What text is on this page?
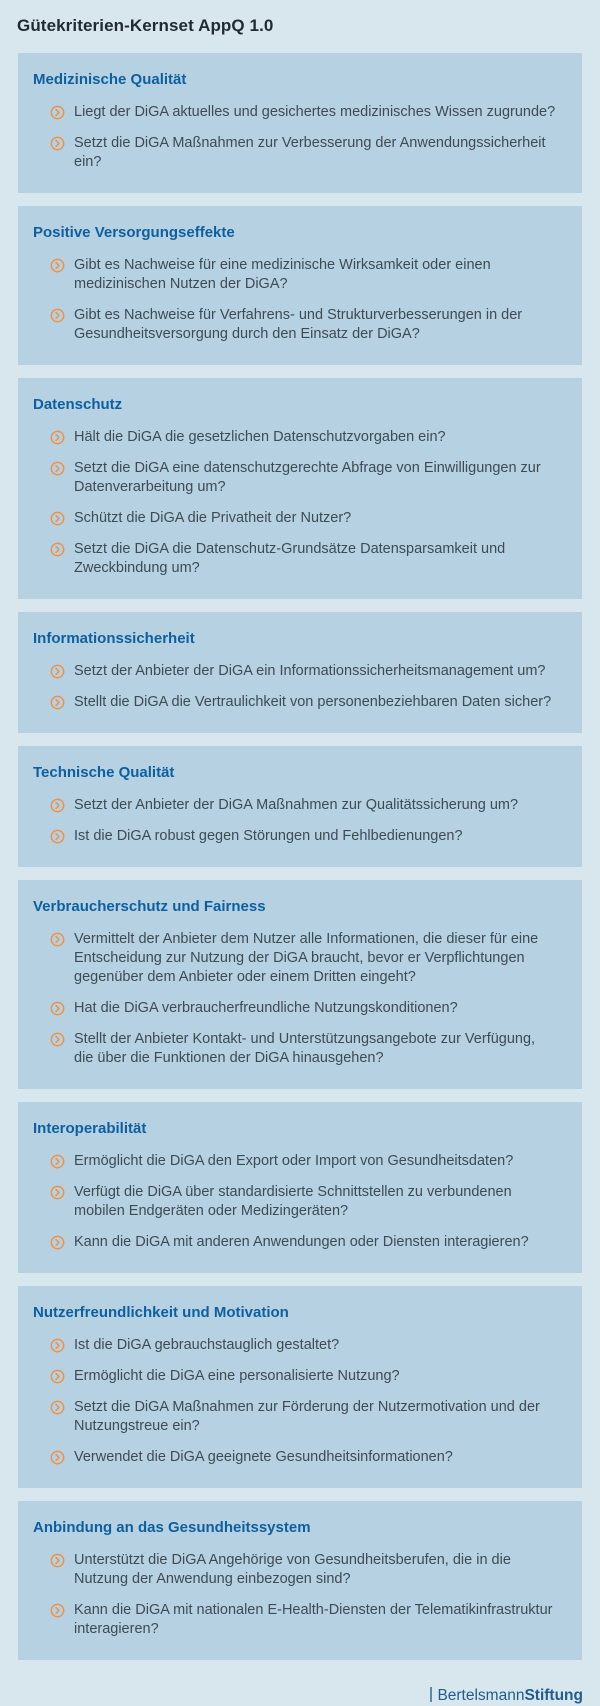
Gütekriterien-Kernset AppQ 1.0
Medizinische Qualität

Liegt der DiGA aktuelles und gesichertes medizinisches Wissen zugrunde?

Setzt die DiGA Maßnahmen zur Verbesserung der Anwendungssicherheit ein?

Positive Versorgungseffekte

Gibt es Nachweise für eine medizinische Wirksamkeit oder einen medizinischen Nutzen der DiGA?

Gibt es Nachweise für Verfahrens- und Strukturverbesserungen in der Gesundheitsversorgung durch den Einsatz der DiGA?

Datenschutz

Hält die DiGA die gesetzlichen Datenschutzvorgaben ein?

Setzt die DiGA eine datenschutzgerechte Abfrage von Einwilligungen zur Datenverarbeitung um?

Schützt die DiGA die Privatheit der Nutzer?

Setzt die DiGA die Datenschutz-Grundsätze Datensparsamkeit und Zweckbindung um?

Informationssicherheit

Setzt der Anbieter der DiGA ein Informationssicherheitsmanagement um?

Stellt die DiGA die Vertraulichkeit von personenbeziehbaren Daten sicher?

Technische Qualität

Setzt der Anbieter der DiGA Maßnahmen zur Qualitätssicherung um?

Ist die DiGA robust gegen Störungen und Fehlbedienungen?

Verbraucherschutz und Fairness

Vermittelt der Anbieter dem Nutzer alle Informationen, die dieser für eine Entscheidung zur Nutzung der DiGA braucht, bevor er Verpflichtungen gegenüber dem Anbieter oder einem Dritten eingeht?

Hat die DiGA verbraucherfreundliche Nutzungskonditionen?

Stellt der Anbieter Kontakt- und Unterstützungsangebote zur Verfügung, die über die Funktionen der DiGA hinausgehen?

Interoperabilität

Ermöglicht die DiGA den Export oder Import von Gesundheitsdaten?

Verfügt die DiGA über standardisierte Schnittstellen zu verbundenen mobilen Endgeräten oder Medizingeräten?

Kann die DiGA mit anderen Anwendungen oder Diensten interagieren?

Nutzerfreundlichkeit und Motivation

Ist die DiGA gebrauchstauglich gestaltet?

Ermöglicht die DiGA eine personalisierte Nutzung?

Setzt die DiGA Maßnahmen zur Förderung der Nutzermotivation und der Nutzungstreue ein?

Verwendet die DiGA geeignete Gesundheitsinformationen?

Anbindung an das Gesundheitssystem

Unterstützt die DiGA Angehörige von Gesundheitsberufen, die in die Nutzung der Anwendung einbezogen sind?

Kann die DiGA mit nationalen E-Health-Diensten der Telematikinfrastruktur interagieren?

BertelsmannStiftung
